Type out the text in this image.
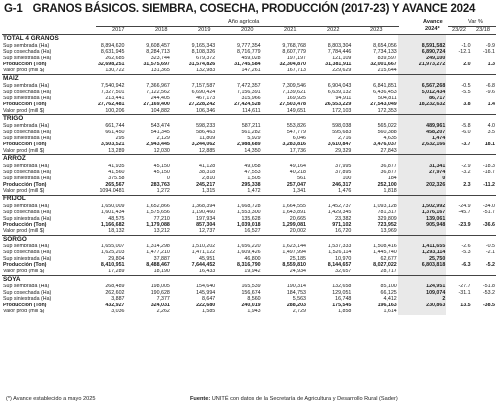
G-1 GRANOS BÁSICOS. SIEMBRA, COSECHA, PRODUCCIÓN (2017-23) Y AVANCE 2024
Año agrícola	Avance
2024*
Var %
2017	2018	2019	2020	2021	2022	2023	23/22 23/18
TOTAL 4 GRANOS										
Sup sembrada (Ha)	8,894,620	9,608,457	9,165,343	9,777,354	9,768,768	8,803,304	8,654,056	8,591,582	-1.0	-9.9
Sup cosechada (Ha)	8,631,945	8,284,713	8,108,326	8,716,779	8,607,779	7,784,446	7,734,133	6,890,724	-12.1	-16.1
Sup siniestrada (Ha)	262,685	323,744	679,372	459,028	197,197	121,109	839,597	249,100		
Producción (Ton)	32,698,251	31,575,697	31,574,826	31,745,584	32,304,870	31,381,911	32,001,667	21,973,272	2.0	1.3
Valor prod (mill $)	130,722	131,365	132,983	147,261	167,713	229,629	215,644			
MAÍZ										
Sup sembrada (Ha)	7,540,942	7,366,967	7,157,587	7,472,357	7,309,546	6,904,043	6,841,851	6,567,268	-0.5	-6.8
Sup cosechada (Ha)	7,327,501	7,122,562	6,690,424	7,156,391	7,139,621	6,639,132	6,436,453	5,012,434	-5.5	-9.6
Sup siniestrada (Ha)	213,441	244,405	467,173	315,966	169,925	94,911	504,811	86,717		
Producción (Ton)	27,762,481	27,169,400	27,228,242	27,424,528	27,503,478	26,553,229	27,543,049	18,232,632	3.8	1.4
Valor prod (mill $)	100,206	104,882	106,346	114,611	149,651	172,103	172,353			
TRIGO										
Sup sembrada (Ha)	661,744	543,474	598,233	587,211	553,826	598,038	565,022	489,961	-5.8	4.0
Sup cosechada (Ha)	661,450	541,345	586,463	561,282	547,779	595,683	560,388	458,207	-6.0	3.5
Sup siniestrada (Ha)	295	2,129	11,809	5,929	6,046	2,716	4,635	1,474		
Producción (Ton)	3,503,521	2,943,445	3,244,062	2,988,689	3,283,816	3,610,847	3,476,037	2,632,166	-3.7	18.1
Valor prod (mill $)	13,289	12,030	12,885	14,350	17,736	29,329	27,843			
ARROZ										
Sup sembrada (Ha)	41,935	45,150	41,128	49,058	49,164	37,995	36,877	31,341	-2.9	-18.3
Sup cosechada (Ha)	41,560	45,150	38,318	47,553	40,218	37,895	36,877	27,974	-3.2	-18.7
Sup siniestrada (Ha)	375.58	0	2,810	1,505	561	100	184	0		
Producción (Ton)	265,567	283,763	245,217	295,338	257,047	246,317	252,100	202,326	2.3	-11.2
Valor prod (mill $)	1094.0481	1,272	1,315	1,472	1,341	1,476	1,818			
FRIJOL										
Sup sembrada (Ha)	1,650,009	1,652,866	1,368,394	1,668,728	1,664,555	1,452,737	1,093,128	1,502,992	-24.9	-34.0
Sup cosechada (Ha)	1,601,434	1,575,656	1,190,460	1,553,300	1,643,891	1,429,345	781,317	1,376,167	-45.7	-51.7
Sup siniestrada (Ha)	48,575	77,210	197,934	135,628	20,665	23,382	329,809	139,061		
Producción (Ton)	1,166,682	1,179,088	857,304	1,039,018	1,299,081	971,102	723,952	905,948	-23.9	-36.6
Valor prod (mill $)	18,132	13,212	12,737	16,527	20,002	16,720	13,969			
SORGO										
Sup sembrada (Ha)	1,655,007	1,314,298	1,510,202	1,656,220	1,623,144	1,537,333	1,508,416	1,411,655	-2.6	-0.5
Sup cosechada (Ha)	1,625,203	1,477,210	1,471,122	1,609,426	1,497,994	1,526,114	1,445,740	1,293,114	-5.3	-2.1
Sup siniestrada (Ha)	29,804	37,887	45,951	46,800	25,185	10,970	62,677	25,750		
Producción (Ton)	8,410,951	8,488,467	7,644,452	8,316,790	8,559,810	8,144,657	8,027,022	6,803,818	-6.3	-5.2
Valor prod (mill $)	17,289	18,190	16,433	19,942	24,934	32,657	28,717			
SOYA										
Sup sembrada (Ha)	268,489	198,005	154,640	165,539	190,314	132,658	85,100	124,951	-27.7	-51.8
Sup cosechada (Ha)	262,602	190,628	145,994	156,674	184,753	129,051	66,125	109,074	-31.1	-53.2
Sup siniestrada (Ha)	3,887	7,377	8,647	8,560	5,563	16,748	4,412	2		
Producción (Ton)	432,927	324,031	222,680	240,019	288,203	175,545	196,163	230,863	13.5	-38.5
Valor prod (mill $)	3,036	2,262	1,585	1,943	2,729	1,858	1,614			
(*) Avance establecido a mayo 2025	Fuente: UNITÉ con datos de la Secretaría de Agricultura y Desarrollo Rural (Sader)
